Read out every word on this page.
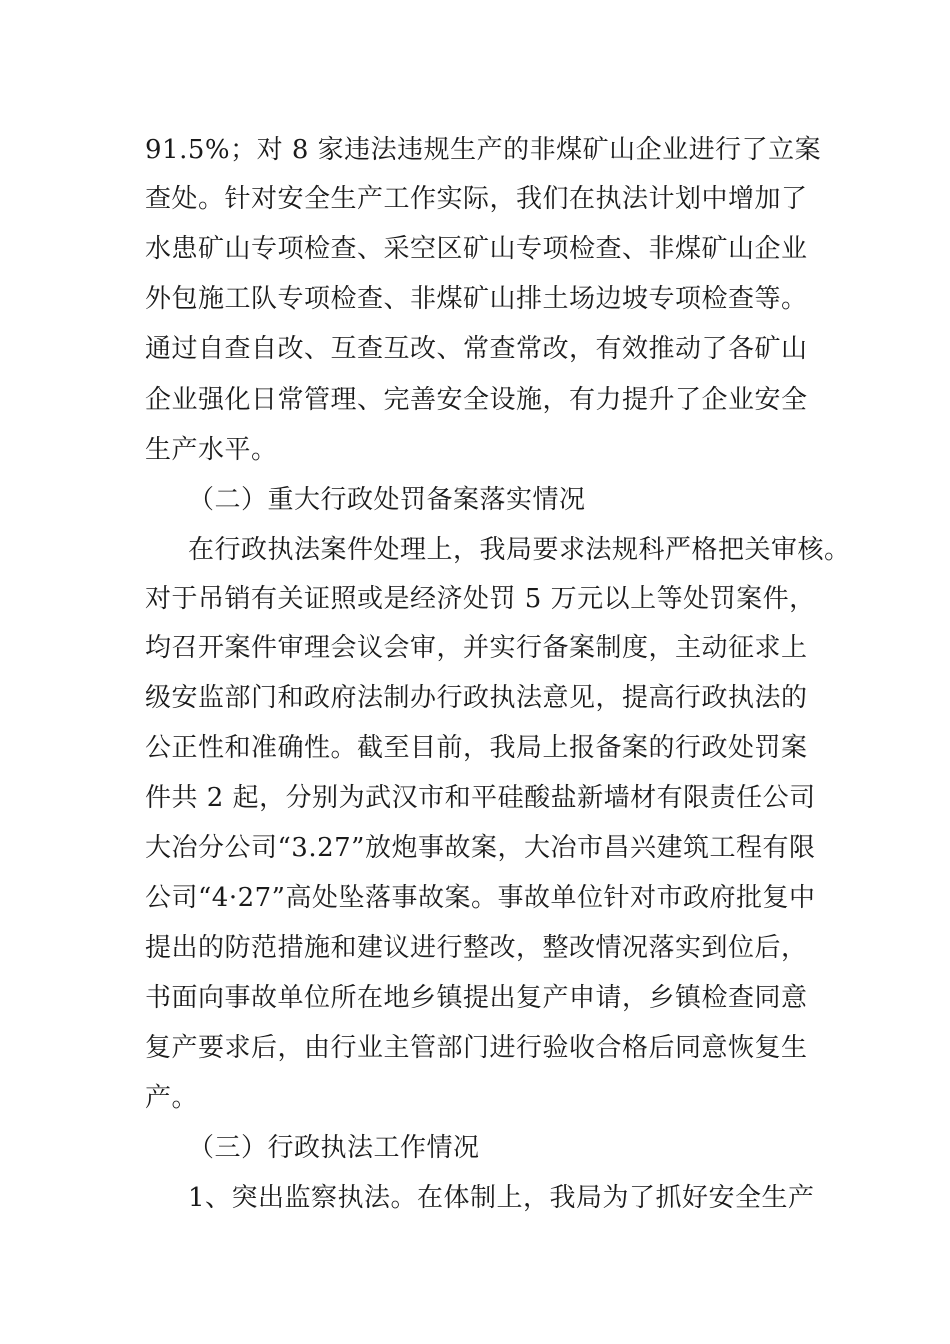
91.5%；对 8 家违法违规生产的非煤矿山企业进行了立案
查处。针对安全生产工作实际，我们在执法计划中增加了
水患矿山专项检查、采空区矿山专项检查、非煤矿山企业
外包施工队专项检查、非煤矿山排土场边坡专项检查等。
通过自查自改、互查互改、常查常改，有效推动了各矿山
企业强化日常管理、完善安全设施，有力提升了企业安全
生产水平。
（二）重大行政处罚备案落实情况
在行政执法案件处理上，我局要求法规科严格把关审核。
对于吊销有关证照或是经济处罚 5 万元以上等处罚案件，
均召开案件审理会议会审，并实行备案制度，主动征求上
级安监部门和政府法制办行政执法意见，提高行政执法的
公正性和准确性。截至目前，我局上报备案的行政处罚案
件共 2 起，分别为武汉市和平硅酸盐新墙材有限责任公司
大冶分公司“3.27”放炮事故案，大冶市昌兴建筑工程有限
公司“4·27”高处坠落事故案。事故单位针对市政府批复中
提出的防范措施和建议进行整改，整改情况落实到位后，
书面向事故单位所在地乡镇提出复产申请，乡镇检查同意
复产要求后，由行业主管部门进行验收合格后同意恢复生
产。
（三）行政执法工作情况
1、突出监察执法。在体制上，我局为了抓好安全生产
